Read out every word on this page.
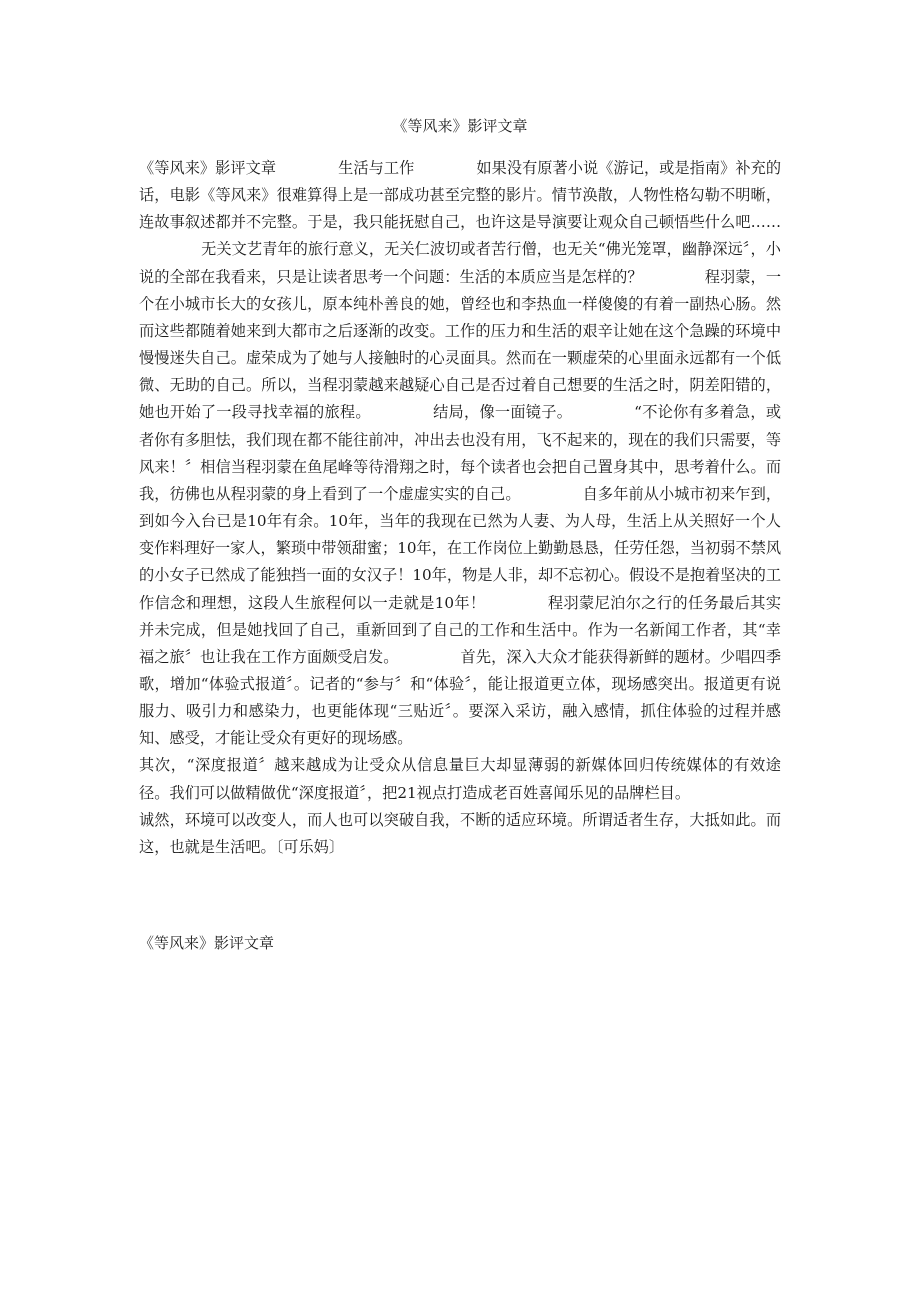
《等风来》影评文章
《等风来》影评文章	生活与工作	如果没有原著小说《游记，或是指南》补充的话，电影《等风来》很难算得上是一部成功甚至完整的影片。情节涣散，人物性格勾勒不明晰，连故事叙述都并不完整。于是，我只能抚慰自己，也许这是导演要让观众自己顿悟些什么吧……无关文艺青年的旅行意义，无关仁波切或者苦行僧，也无关“佛光笼罩，幽静深远〞，小说的全部在我看来，只是让读者思考一个问题：生活的本质应当是怎样的？	程羽蒙，一个在小城市长大的女孩儿，原本纯朴善良的她，曾经也和李热血一样傻傻的有着一副热心肠。然而这些都随着她来到大都市之后逐渐的改变。工作的压力和生活的艰辛让她在这个急躁的环境中慢慢迷失自己。虚荣成为了她与人接触时的心灵面具。然而在一颗虚荣的心里面永远都有一个低微、无助的自己。所以，当程羽蒙越来越疑心自己是否过着自己想要的生活之时，阴差阳错的，她也开始了一段寻找幸福的旅程。	结局，像一面镜子。	“不论你有多着急，或者你有多胆怯，我们现在都不能往前冲，冲出去也没有用，飞不起来的，现在的我们只需要，等风来！〞相信当程羽蒙在鱼尾峰等待滑翔之时，每个读者也会把自己置身其中，思考着什么。而我，彷佛也从程羽蒙的身上看到了一个虚虚实实的自己。	自多年前从小城市初来乍到，到如今入台已是10年有余。10年，当年的我现在已然为人妻、为人母，生活上从关照好一个人变作料理好一家人，繁琐中带领甜蜜；10年，在工作岗位上勤勤恳恳，任劳任怨，当初弱不禁风的小女子已然成了能独挡一面的女汉子！10年，物是人非，却不忘初心。假设不是抱着坚决的工作信念和理想，这段人生旅程何以一走就是10年！	程羽蒙尼泊尔之行的任务最后其实并未完成，但是她找回了自己，重新回到了自己的工作和生活中。作为一名新闻工作者，其“幸福之旅〞也让我在工作方面颇受启发。	首先，深入大众才能获得新鲜的题材。少唱四季歌，增加“体验式报道〞。记者的“参与〞和“体验〞，能让报道更立体，现场感突出。报道更有说服力、吸引力和感染力，也更能体现“三贴近〞。要深入采访，融入感情，抓住体验的过程并感知、感受，才能让受众有更好的现场感。
其次，“深度报道〞越来越成为让受众从信息量巨大却显薄弱的新媒体回归传统媒体的有效途径。我们可以做精做优“深度报道〞，把21视点打造成老百姓喜闻乐见的品牌栏目。
诚然，环境可以改变人，而人也可以突破自我，不断的适应环境。所谓适者生存，大抵如此。而这，也就是生活吧。〔可乐妈〕
《等风来》影评文章
